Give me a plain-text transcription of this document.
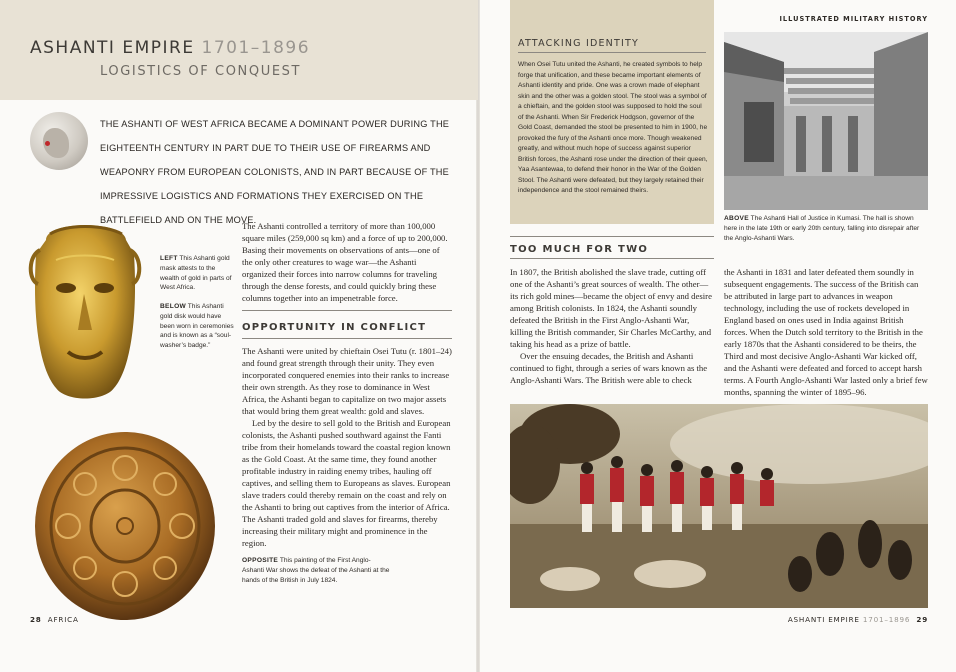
ASHANTI EMPIRE 1701–1896
LOGISTICS OF CONQUEST

THE ASHANTI OF WEST AFRICA BECAME A DOMINANT POWER DURING THE EIGHTEENTH CENTURY IN PART DUE TO THEIR USE OF FIREARMS AND WEAPONRY FROM EUROPEAN COLONISTS, AND IN PART BECAUSE OF THE IMPRESSIVE LOGISTICS AND FORMATIONS THEY EXERCISED ON THE BATTLEFIELD AND ON THE MOVE.

LEFT This Ashanti gold mask attests to the wealth of gold in parts of West Africa.

BELOW This Ashanti gold disk would have been worn in ceremonies and is known as a “soul-washer’s badge.”

The Ashanti controlled a territory of more than 100,000 square miles (259,000 sq km) and a force of up to 200,000. Basing their movements on observations of ants—one of the only other creatures to wage war—the Ashanti organized their forces into narrow columns for traveling through the dense forests, and could quickly bring these columns together into an impenetrable force.

OPPORTUNITY IN CONFLICT

The Ashanti were united by chieftain Osei Tutu (r. 1801–24) and found great strength through their unity. They even incorporated conquered enemies into their ranks to increase their own strength. As they rose to dominance in West Africa, the Ashanti began to capitalize on two major assets that would bring them great wealth: gold and slaves.

Led by the desire to sell gold to the British and European colonists, the Ashanti pushed southward against the Fanti tribe from their homelands toward the coastal region known as the Gold Coast. At the same time, they found another profitable industry in raiding enemy tribes, hauling off captives, and selling them to Europeans as slaves. European slave traders could thereby remain on the coast and rely on the Ashanti to bring out captives from the interior of Africa. The Ashanti traded gold and slaves for firearms, thereby increasing their military might and prominence in the region.

OPPOSITE This painting of the First Anglo-Ashanti War shows the defeat of the Ashanti at the hands of the British in July 1824.

28 AFRICA
ILLUSTRATED MILITARY HISTORY
ATTACKING IDENTITY

When Osei Tutu united the Ashanti, he created symbols to help forge that unification, and these became important elements of Ashanti identity and pride. One was a crown made of elephant skin and the other was a golden stool. The stool was a symbol of a chieftain, and the golden stool was supposed to hold the soul of the Ashanti. When Sir Frederick Hodgson, governor of the Gold Coast, demanded the stool be presented to him in 1900, he provoked the fury of the Ashanti once more. Though weakened greatly, and without much hope of success against superior British forces, the Ashanti rose under the direction of their queen, Yaa Asantewaa, to defend their honor in the War of the Golden Stool. The Ashanti were defeated, but they largely retained their independence and the stool remained theirs.

ABOVE The Ashanti Hall of Justice in Kumasi. The hall is shown here in the late 19th or early 20th century, falling into disrepair after the Anglo-Ashanti Wars.

TOO MUCH FOR TWO

In 1807, the British abolished the slave trade, cutting off one of the Ashanti’s great sources of wealth. The other—its rich gold mines—became the object of envy and desire among British colonists. In 1824, the Ashanti soundly defeated the British in the First Anglo-Ashanti War, killing the British commander, Sir Charles McCarthy, and taking his head as a prize of battle.

Over the ensuing decades, the British and Ashanti continued to fight, through a series of wars known as the Anglo-Ashanti Wars. The British were able to check

the Ashanti in 1831 and later defeated them soundly in subsequent engagements. The success of the British can be attributed in large part to advances in weapon technology, including the use of rockets developed in England based on ones used in India against British forces. When the Dutch sold territory to the British in the early 1870s that the Ashanti considered to be theirs, the Third and most decisive Anglo-Ashanti War kicked off, and the Ashanti were defeated and forced to accept harsh terms. A Fourth Anglo-Ashanti War lasted only a brief few months, spanning the winter of 1895–96.

ASHANTI EMPIRE 1701–1896 29
